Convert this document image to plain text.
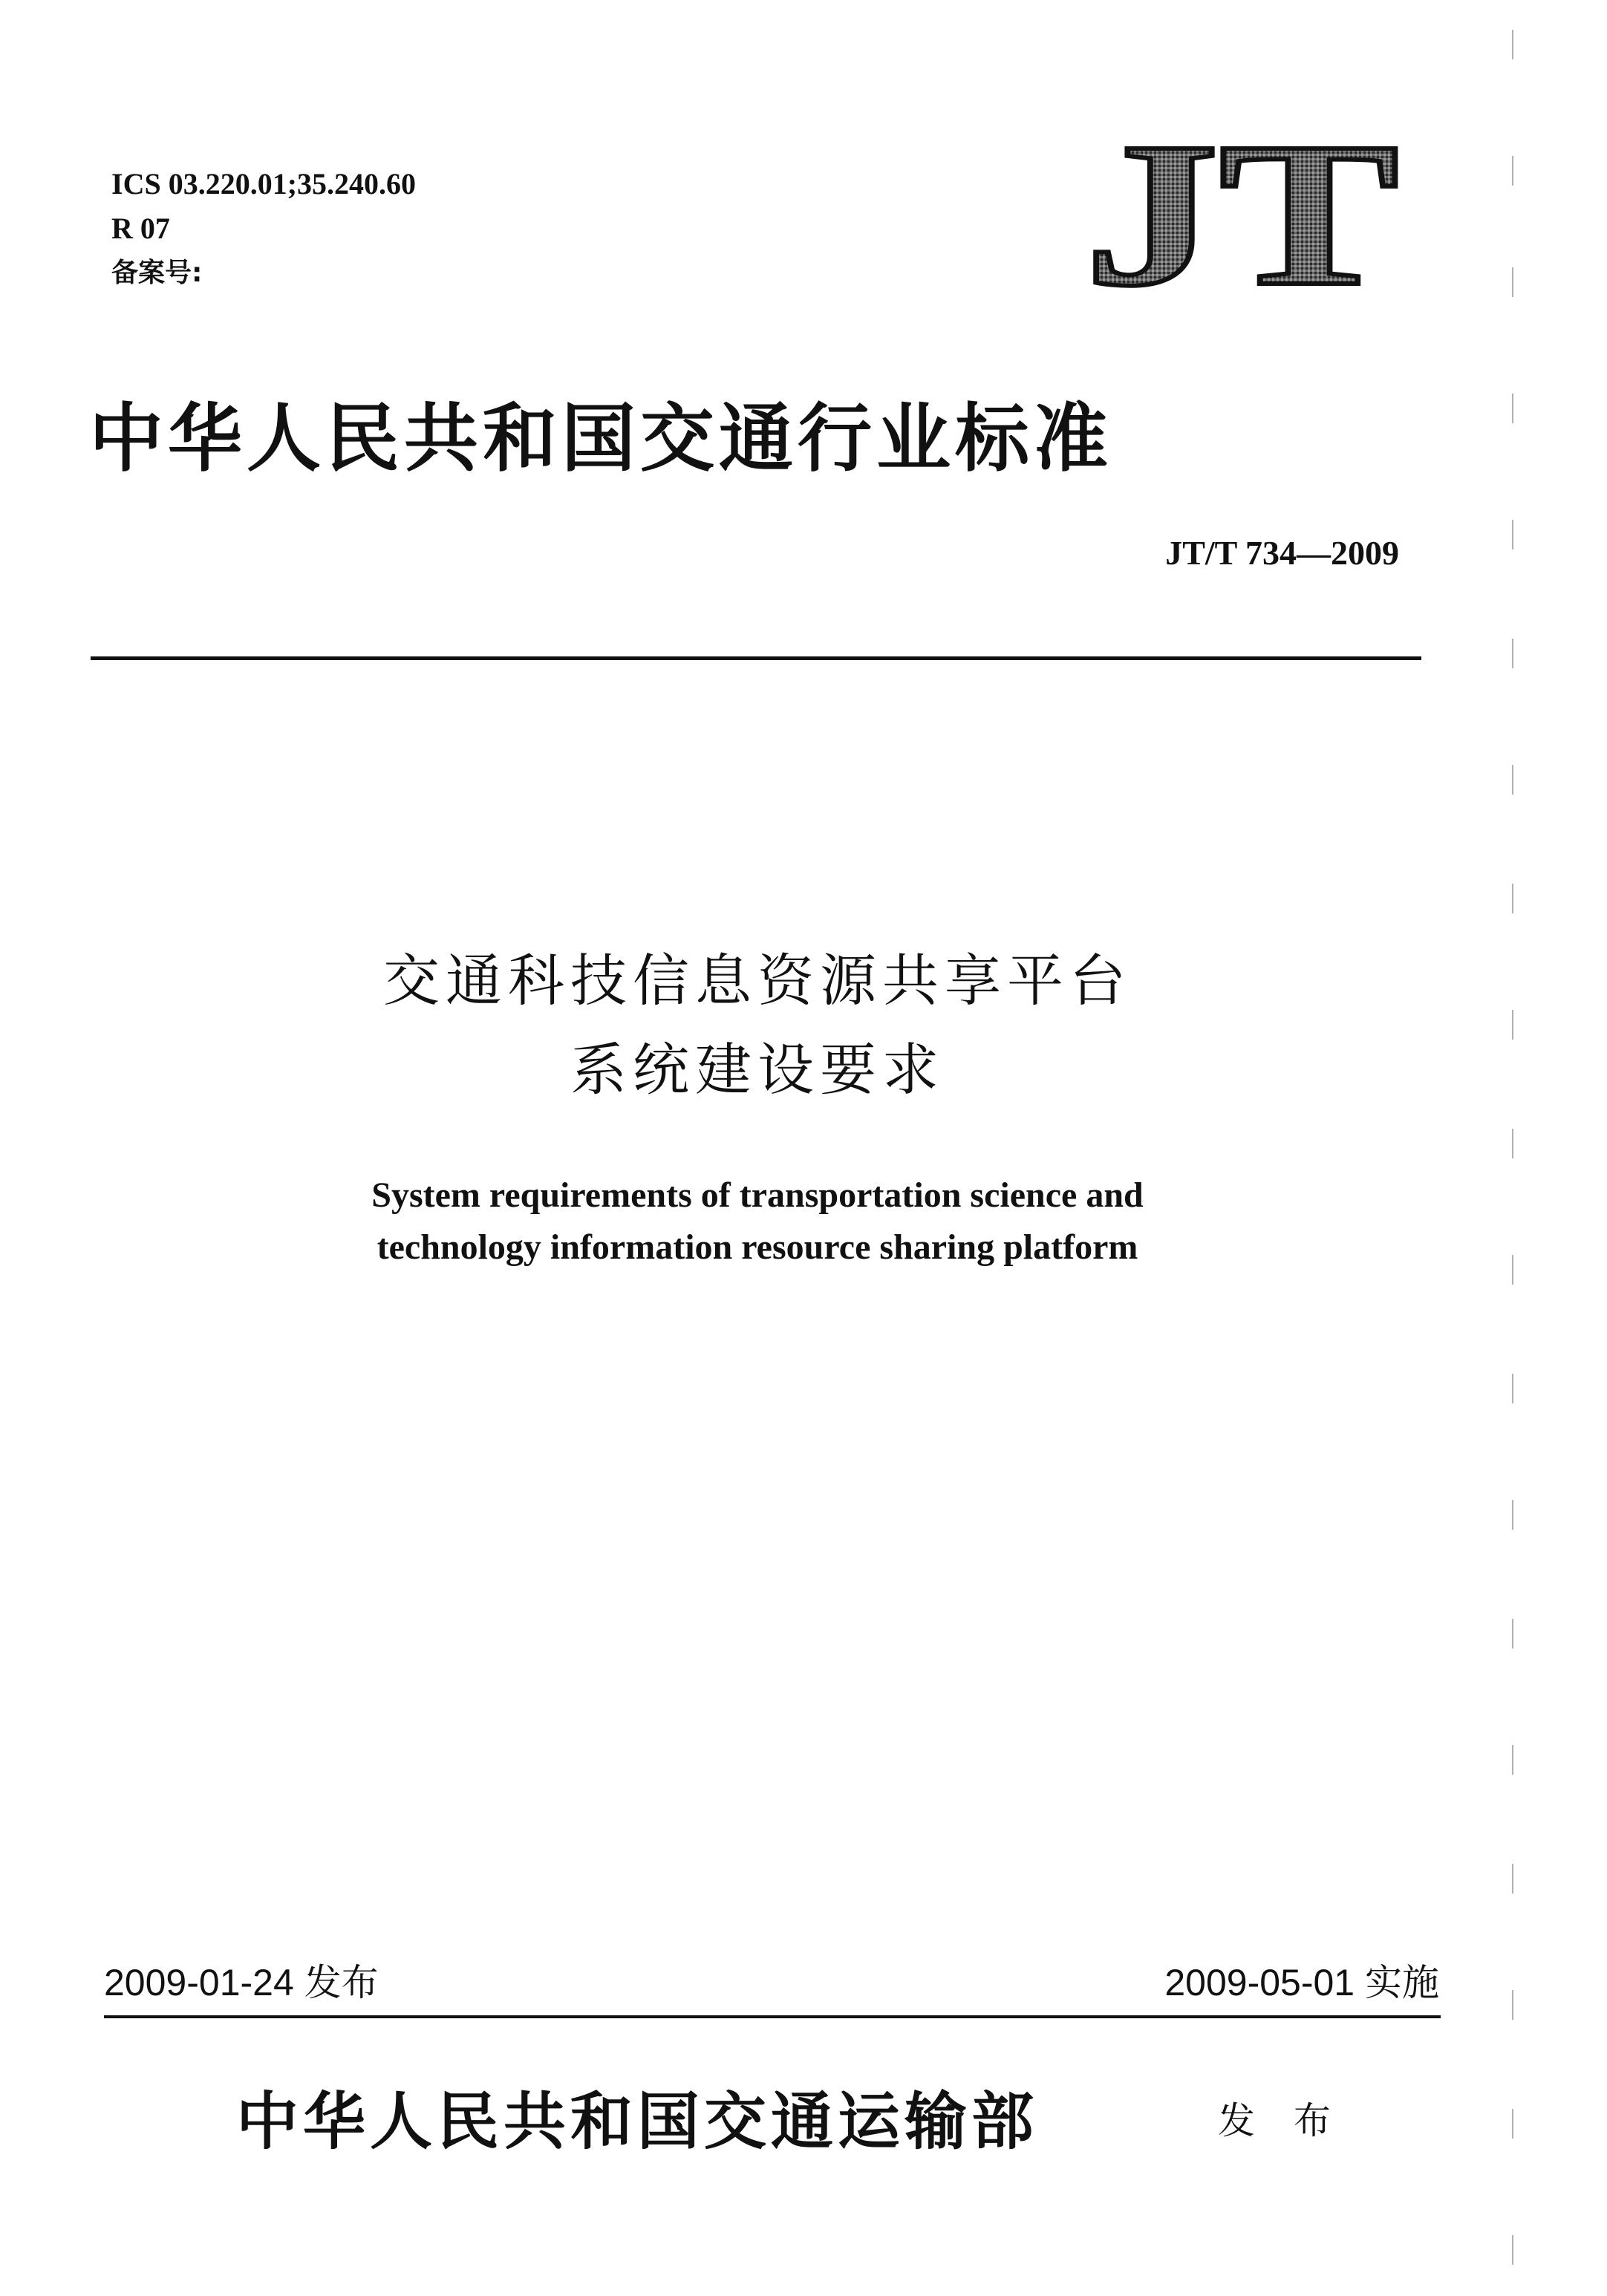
ICS 03.220.01;35.240.60
R 07
备案号:	JT
中华人民共和国交通行业标准
JT/T 734—2009
交通科技信息资源共享平台
系统建设要求
System requirements of transportation science and
technology information resource sharing platform
2009-01-24 发布	2009-05-01 实施
中华人民共和国交通运输部	发 布
